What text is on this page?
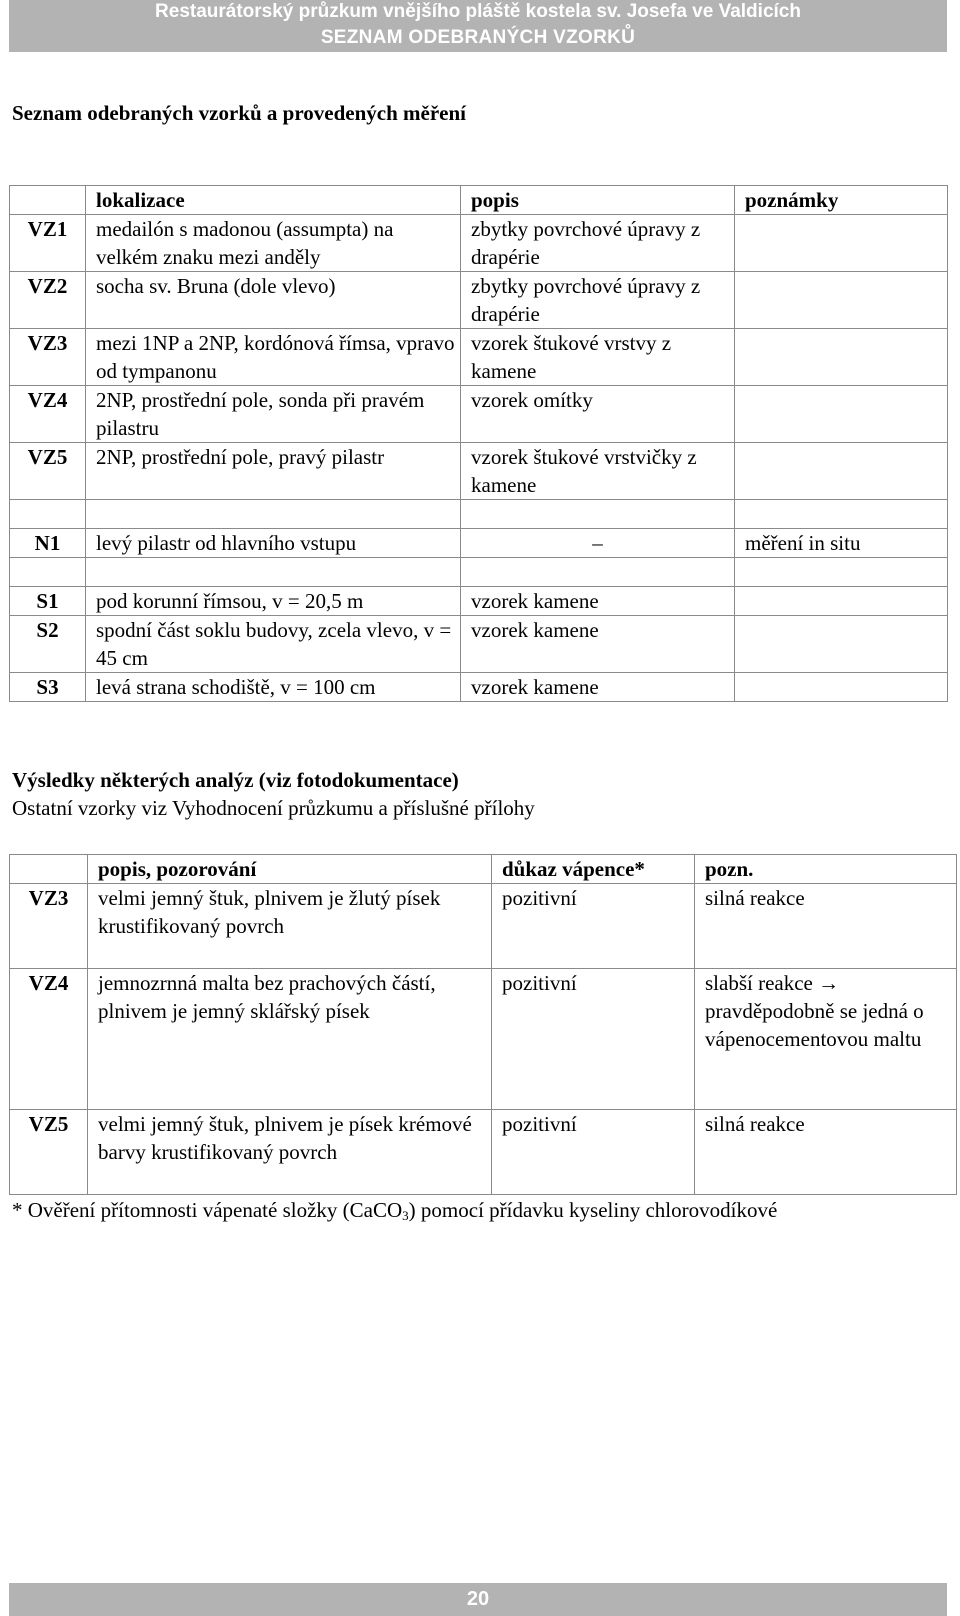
Restaurátorský průzkum vnějšího pláště kostela sv. Josefa ve Valdicích
SEZNAM ODEBRANÝCH VZORKŮ
Seznam odebraných vzorků a provedených měření
	lokalizace	popis	poznámky
VZ1	medailón s madonou (assumpta) na velkém znaku mezi anděly	zbytky povrchové úpravy z drapérie	
VZ2	socha sv. Bruna (dole vlevo)	zbytky povrchové úpravy z drapérie	
VZ3	mezi 1NP a 2NP, kordónová římsa, vpravo od tympanonu	vzorek štukové vrstvy z kamene	
VZ4	2NP, prostřední pole, sonda při pravém pilastru	vzorek omítky	
VZ5	2NP, prostřední pole, pravý pilastr	vzorek štukové vrstvičky z kamene	

N1	levý pilastr od hlavního vstupu	–	měření in situ

S1	pod korunní římsou, v = 20,5 m	vzorek kamene	
S2	spodní část soklu budovy, zcela vlevo, v = 45 cm	vzorek kamene	
S3	levá strana schodiště, v = 100 cm	vzorek kamene	
Výsledky některých analýz (viz fotodokumentace)
Ostatní vzorky viz Vyhodnocení průzkumu a příslušné přílohy
	popis, pozorování	důkaz vápence*	pozn.
VZ3	velmi jemný štuk, plnivem je žlutý písek krustifikovaný povrch	pozitivní	silná reakce
VZ4	jemnozrnná malta bez prachových částí, plnivem je jemný sklářský písek	pozitivní	slabší reakce → pravděpodobně se jedná o vápenocementovou maltu
VZ5	velmi jemný štuk, plnivem je písek krémové barvy krustifikovaný povrch	pozitivní	silná reakce
* Ověření přítomnosti vápenaté složky (CaCO$_3$) pomocí přídavku kyseliny chlorovodíkové
20
